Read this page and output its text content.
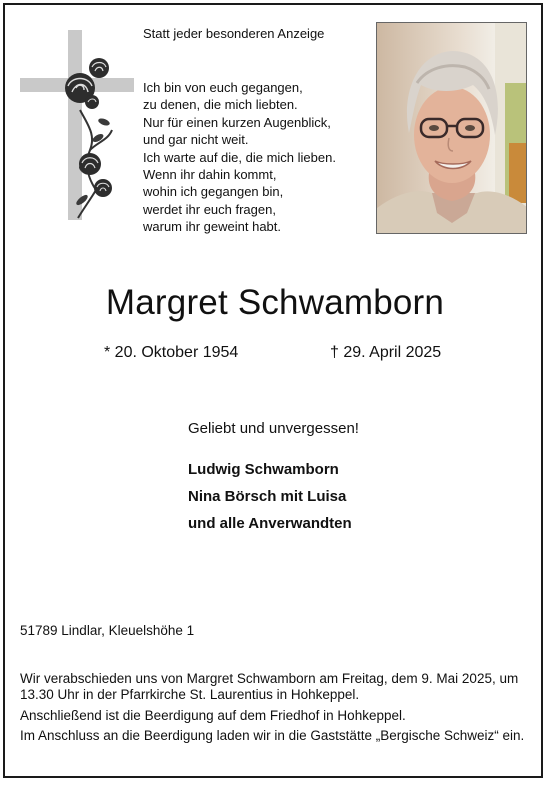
Statt jeder besonderen Anzeige
Ich bin von euch gegangen,
zu denen, die mich liebten.
Nur für einen kurzen Augenblick,
und gar nicht weit.
Ich warte auf die, die mich lieben.
Wenn ihr dahin kommt,
wohin ich gegangen bin,
werdet ihr euch fragen,
warum ihr geweint habt.
Margret Schwamborn
* 20. Oktober 1954	† 29. April 2025
Geliebt und unvergessen!
Ludwig Schwamborn
Nina Börsch mit Luisa
und alle Anverwandten
51789 Lindlar, Kleuelshöhe 1

Wir verabschieden uns von Margret Schwamborn am Freitag, dem 9. Mai 2025, um 13.30 Uhr in der Pfarrkirche St. Laurentius in Hohkeppel.

Anschließend ist die Beerdigung auf dem Friedhof in Hohkeppel.

Im Anschluss an die Beerdigung laden wir in die Gaststätte „Bergische Schweiz“ ein.
